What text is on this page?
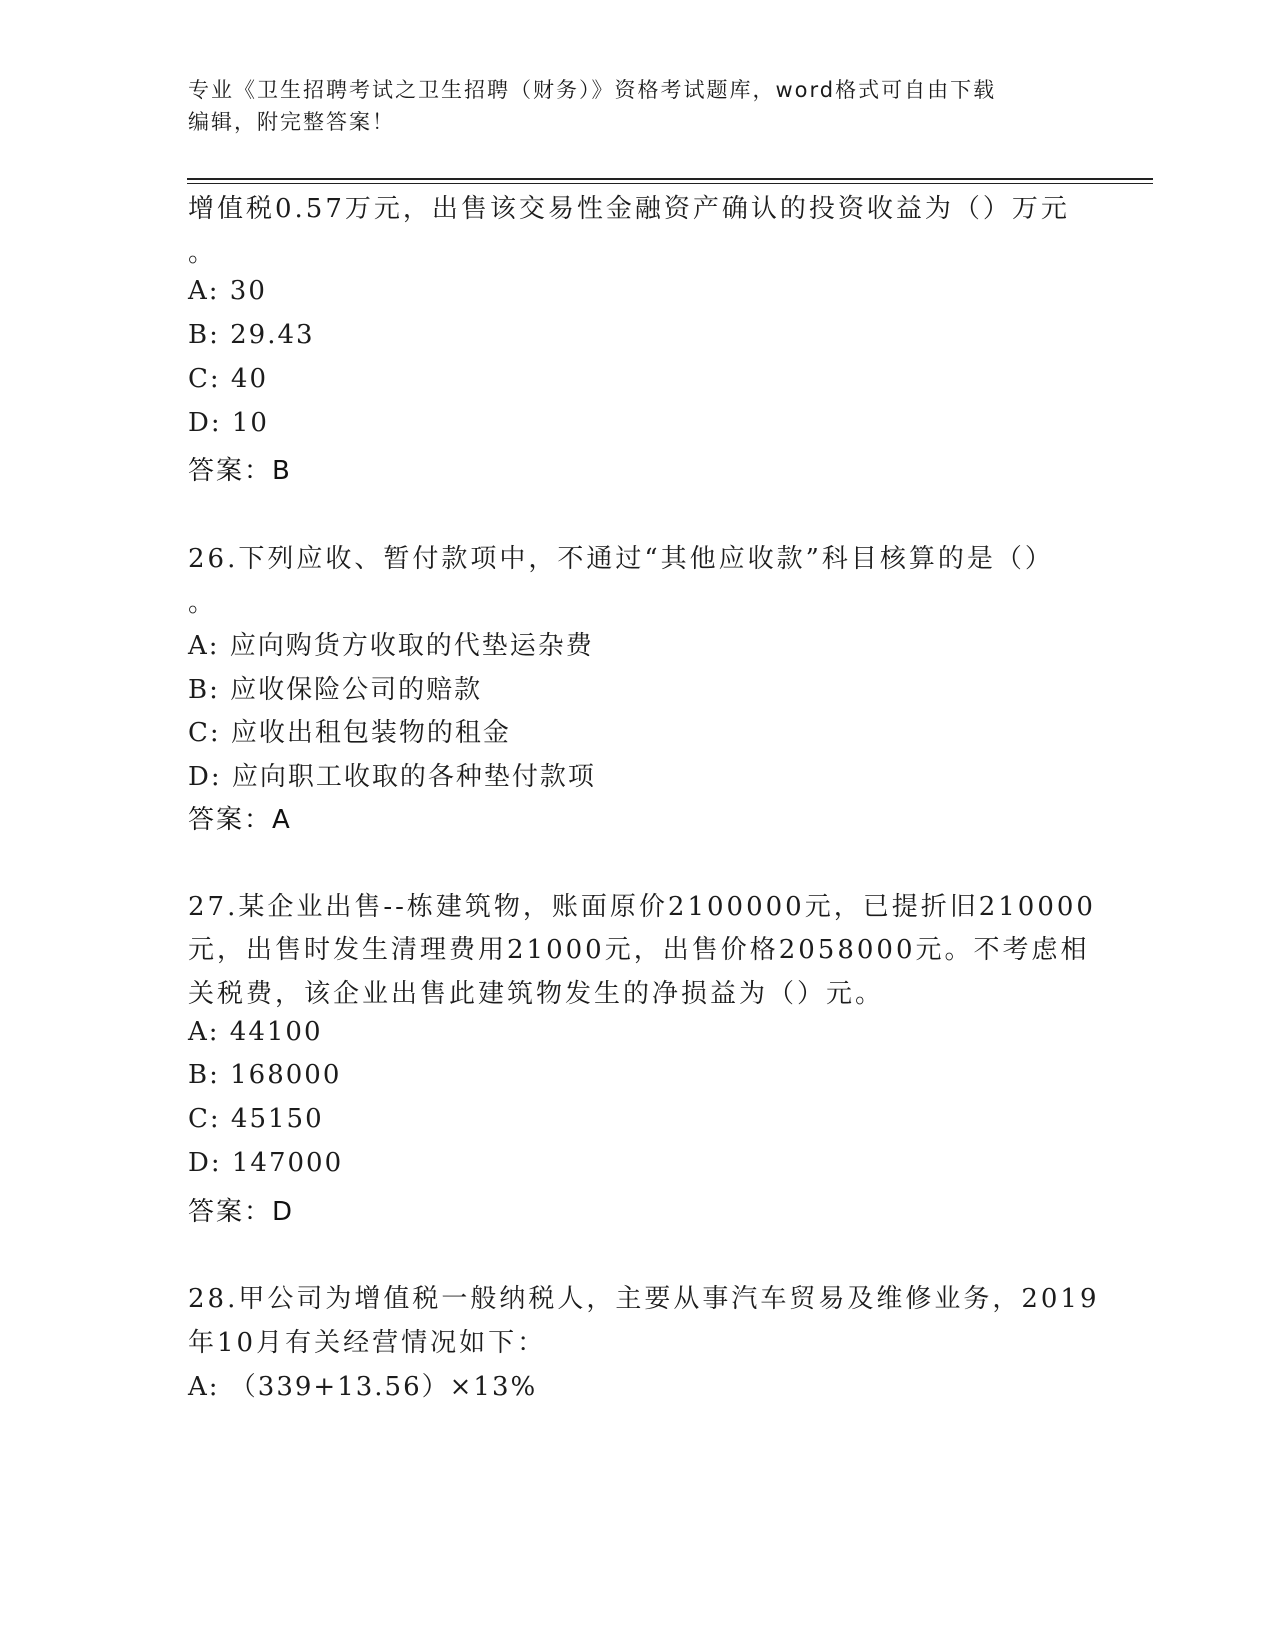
专业《卫生招聘考试之卫生招聘（财务）》资格考试题库，word格式可自由下载
编辑，附完整答案！
增值税0.57万元，出售该交易性金融资产确认的投资收益为（）万元
。
A: 30
B: 29.43
C: 40
D: 10
答案：B
26.下列应收、暂付款项中，不通过“其他应收款”科目核算的是（）
。
A: 应向购货方收取的代垫运杂费
B: 应收保险公司的赔款
C: 应收出租包装物的租金
D: 应向职工收取的各种垫付款项
答案：A
27.某企业出售--栋建筑物，账面原价2100000元，已提折旧210000
元，出售时发生清理费用21000元，出售价格2058000元。不考虑相
关税费，该企业出售此建筑物发生的净损益为（）元。
A: 44100
B: 168000
C: 45150
D: 147000
答案：D
28.甲公司为增值税一般纳税人，主要从事汽车贸易及维修业务，2019
年10月有关经营情况如下：
A: （339+13.56）×13%
